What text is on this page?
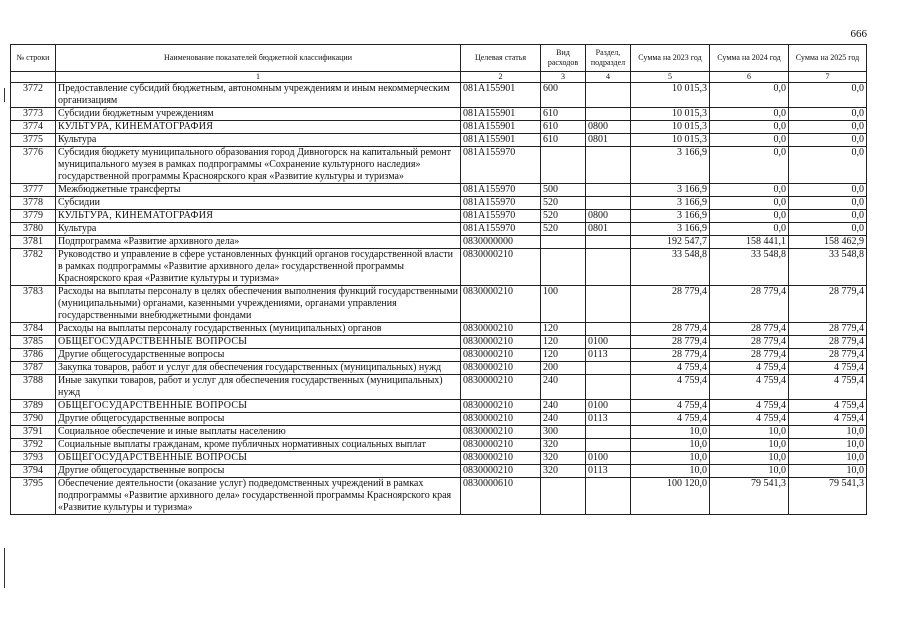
666
№ строки	Наименование показателей бюджетной классификации	Целевая статья	Вид расходов	Раздел, подраздел	Сумма на 2023 год	Сумма на 2024 год	Сумма на 2025 год
	1	2	3	4	5	6	7
3772	Предоставление субсидий бюджетным, автономным учреждениям и иным некоммерческим организациям	081А155901	600		10 015,3	0,0	0,0
3773	Субсидии бюджетным учреждениям	081А155901	610		10 015,3	0,0	0,0
3774	КУЛЬТУРА, КИНЕМАТОГРАФИЯ	081А155901	610	0800	10 015,3	0,0	0,0
3775	Культура	081А155901	610	0801	10 015,3	0,0	0,0
3776	Субсидия бюджету муниципального образования город Дивногорск на капитальный ремонт муниципального музея в рамках подпрограммы «Сохранение культурного наследия» государственной программы Красноярского края «Развитие культуры и туризма»	081А155970			3 166,9	0,0	0,0
3777	Межбюджетные трансферты	081А155970	500		3 166,9	0,0	0,0
3778	Субсидии	081А155970	520		3 166,9	0,0	0,0
3779	КУЛЬТУРА, КИНЕМАТОГРАФИЯ	081А155970	520	0800	3 166,9	0,0	0,0
3780	Культура	081А155970	520	0801	3 166,9	0,0	0,0
3781	Подпрограмма «Развитие архивного дела»	0830000000			192 547,7	158 441,1	158 462,9
3782	Руководство и управление в сфере установленных функций органов государственной власти в рамках подпрограммы «Развитие архивного дела» государственной программы Красноярского края «Развитие культуры и туризма»	0830000210			33 548,8	33 548,8	33 548,8
3783	Расходы на выплаты персоналу в целях обеспечения выполнения функций государственными (муниципальными) органами, казенными учреждениями, органами управления государственными внебюджетными фондами	0830000210	100		28 779,4	28 779,4	28 779,4
3784	Расходы на выплаты персоналу государственных (муниципальных) органов	0830000210	120		28 779,4	28 779,4	28 779,4
3785	ОБЩЕГОСУДАРСТВЕННЫЕ ВОПРОСЫ	0830000210	120	0100	28 779,4	28 779,4	28 779,4
3786	Другие общегосударственные вопросы	0830000210	120	0113	28 779,4	28 779,4	28 779,4
3787	Закупка товаров, работ и услуг для обеспечения государственных (муниципальных) нужд	0830000210	200		4 759,4	4 759,4	4 759,4
3788	Иные закупки товаров, работ и услуг для обеспечения государственных (муниципальных) нужд	0830000210	240		4 759,4	4 759,4	4 759,4
3789	ОБЩЕГОСУДАРСТВЕННЫЕ ВОПРОСЫ	0830000210	240	0100	4 759,4	4 759,4	4 759,4
3790	Другие общегосударственные вопросы	0830000210	240	0113	4 759,4	4 759,4	4 759,4
3791	Социальное обеспечение и иные выплаты населению	0830000210	300		10,0	10,0	10,0
3792	Социальные выплаты гражданам, кроме публичных нормативных социальных выплат	0830000210	320		10,0	10,0	10,0
3793	ОБЩЕГОСУДАРСТВЕННЫЕ ВОПРОСЫ	0830000210	320	0100	10,0	10,0	10,0
3794	Другие общегосударственные вопросы	0830000210	320	0113	10,0	10,0	10,0
3795	Обеспечение деятельности (оказание услуг) подведомственных учреждений в рамках подпрограммы «Развитие архивного дела» государственной программы Красноярского края «Развитие культуры и туризма»	0830000610			100 120,0	79 541,3	79 541,3
